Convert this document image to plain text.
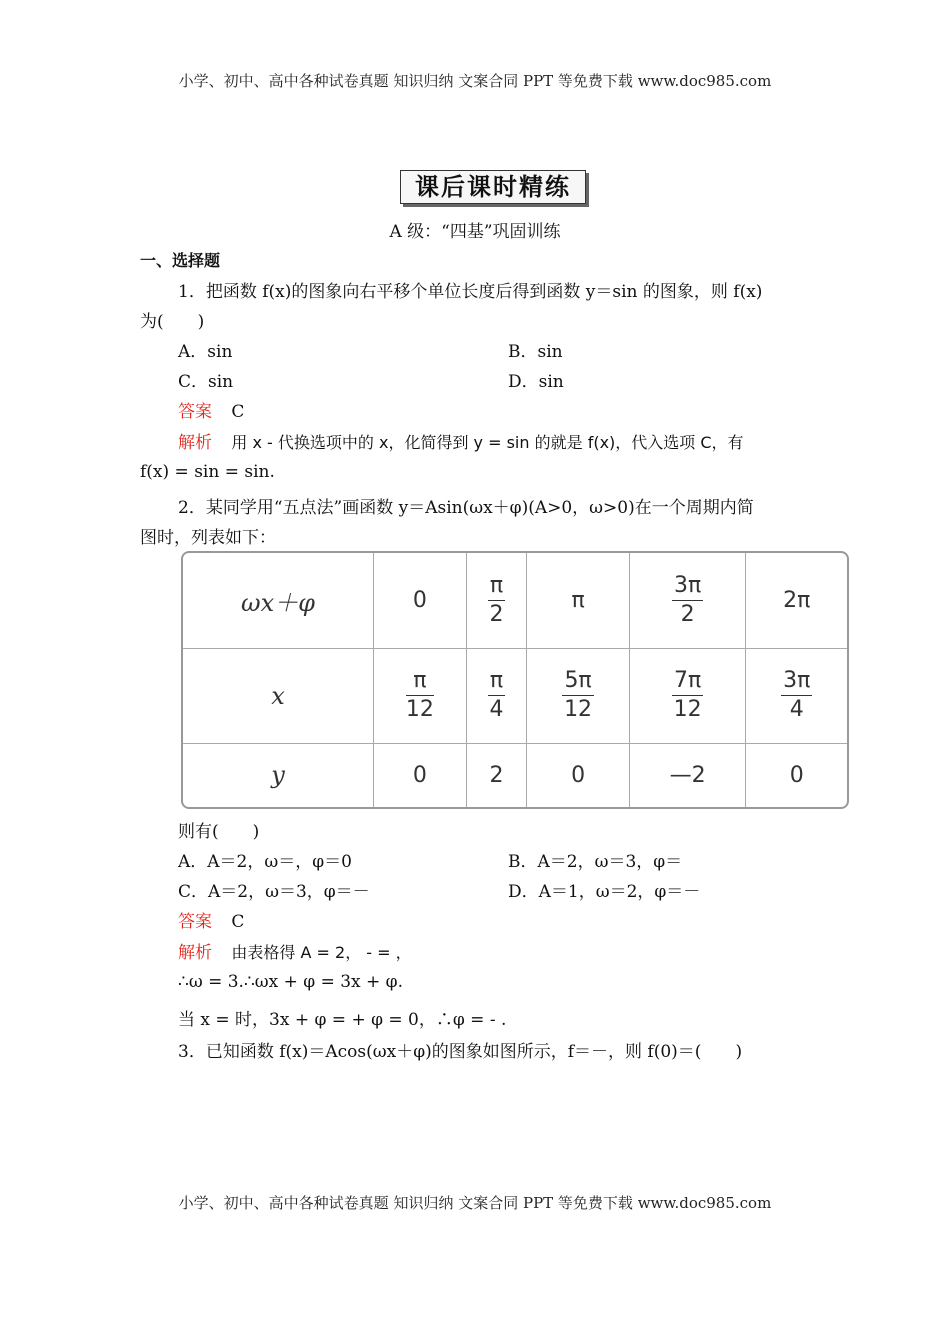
小学、初中、高中各种试卷真题 知识归纳 文案合同 PPT 等免费下载 www.doc985.com
课后课时精练
A 级：“四基”巩固训练
一、选择题
1．把函数 f(x)的图象向右平移个单位长度后得到函数 y＝sin 的图象，则 f(x)
为(　　)
A．sin	B．sin
C．sin	D．sin
答案 C
解析 用 x - 代换选项中的 x，化简得到 y = sin 的就是 f(x)，代入选项 C，有
f(x) = sin = sin.
2．某同学用“五点法”画函数 y＝Asin(ωx＋φ)(A>0，ω>0)在一个周期内简
图时，列表如下：
ωx＋φ	0	$\frac{\pi}{2}$	π	$\frac{3\pi}{2}$	2π
x	$\frac{\pi}{12}$	$\frac{\pi}{4}$	$\frac{5\pi}{12}$	$\frac{7\pi}{12}$	$\frac{3\pi}{4}$

y	0	2	0	—2	0
则有(　　)
A．A＝2，ω＝，φ＝0	B．A＝2，ω＝3，φ＝
C．A＝2，ω＝3，φ＝－	D．A＝1，ω＝2，φ＝－
答案 C
解析 由表格得 A = 2， - = ，
∴ω = 3.∴ωx + φ = 3x + φ.
当 x = 时，3x + φ = + φ = 0，∴φ = - .
3．已知函数 f(x)＝Acos(ωx＋φ)的图象如图所示，f＝－，则 f(0)＝(　　)
小学、初中、高中各种试卷真题 知识归纳 文案合同 PPT 等免费下载 www.doc985.com
